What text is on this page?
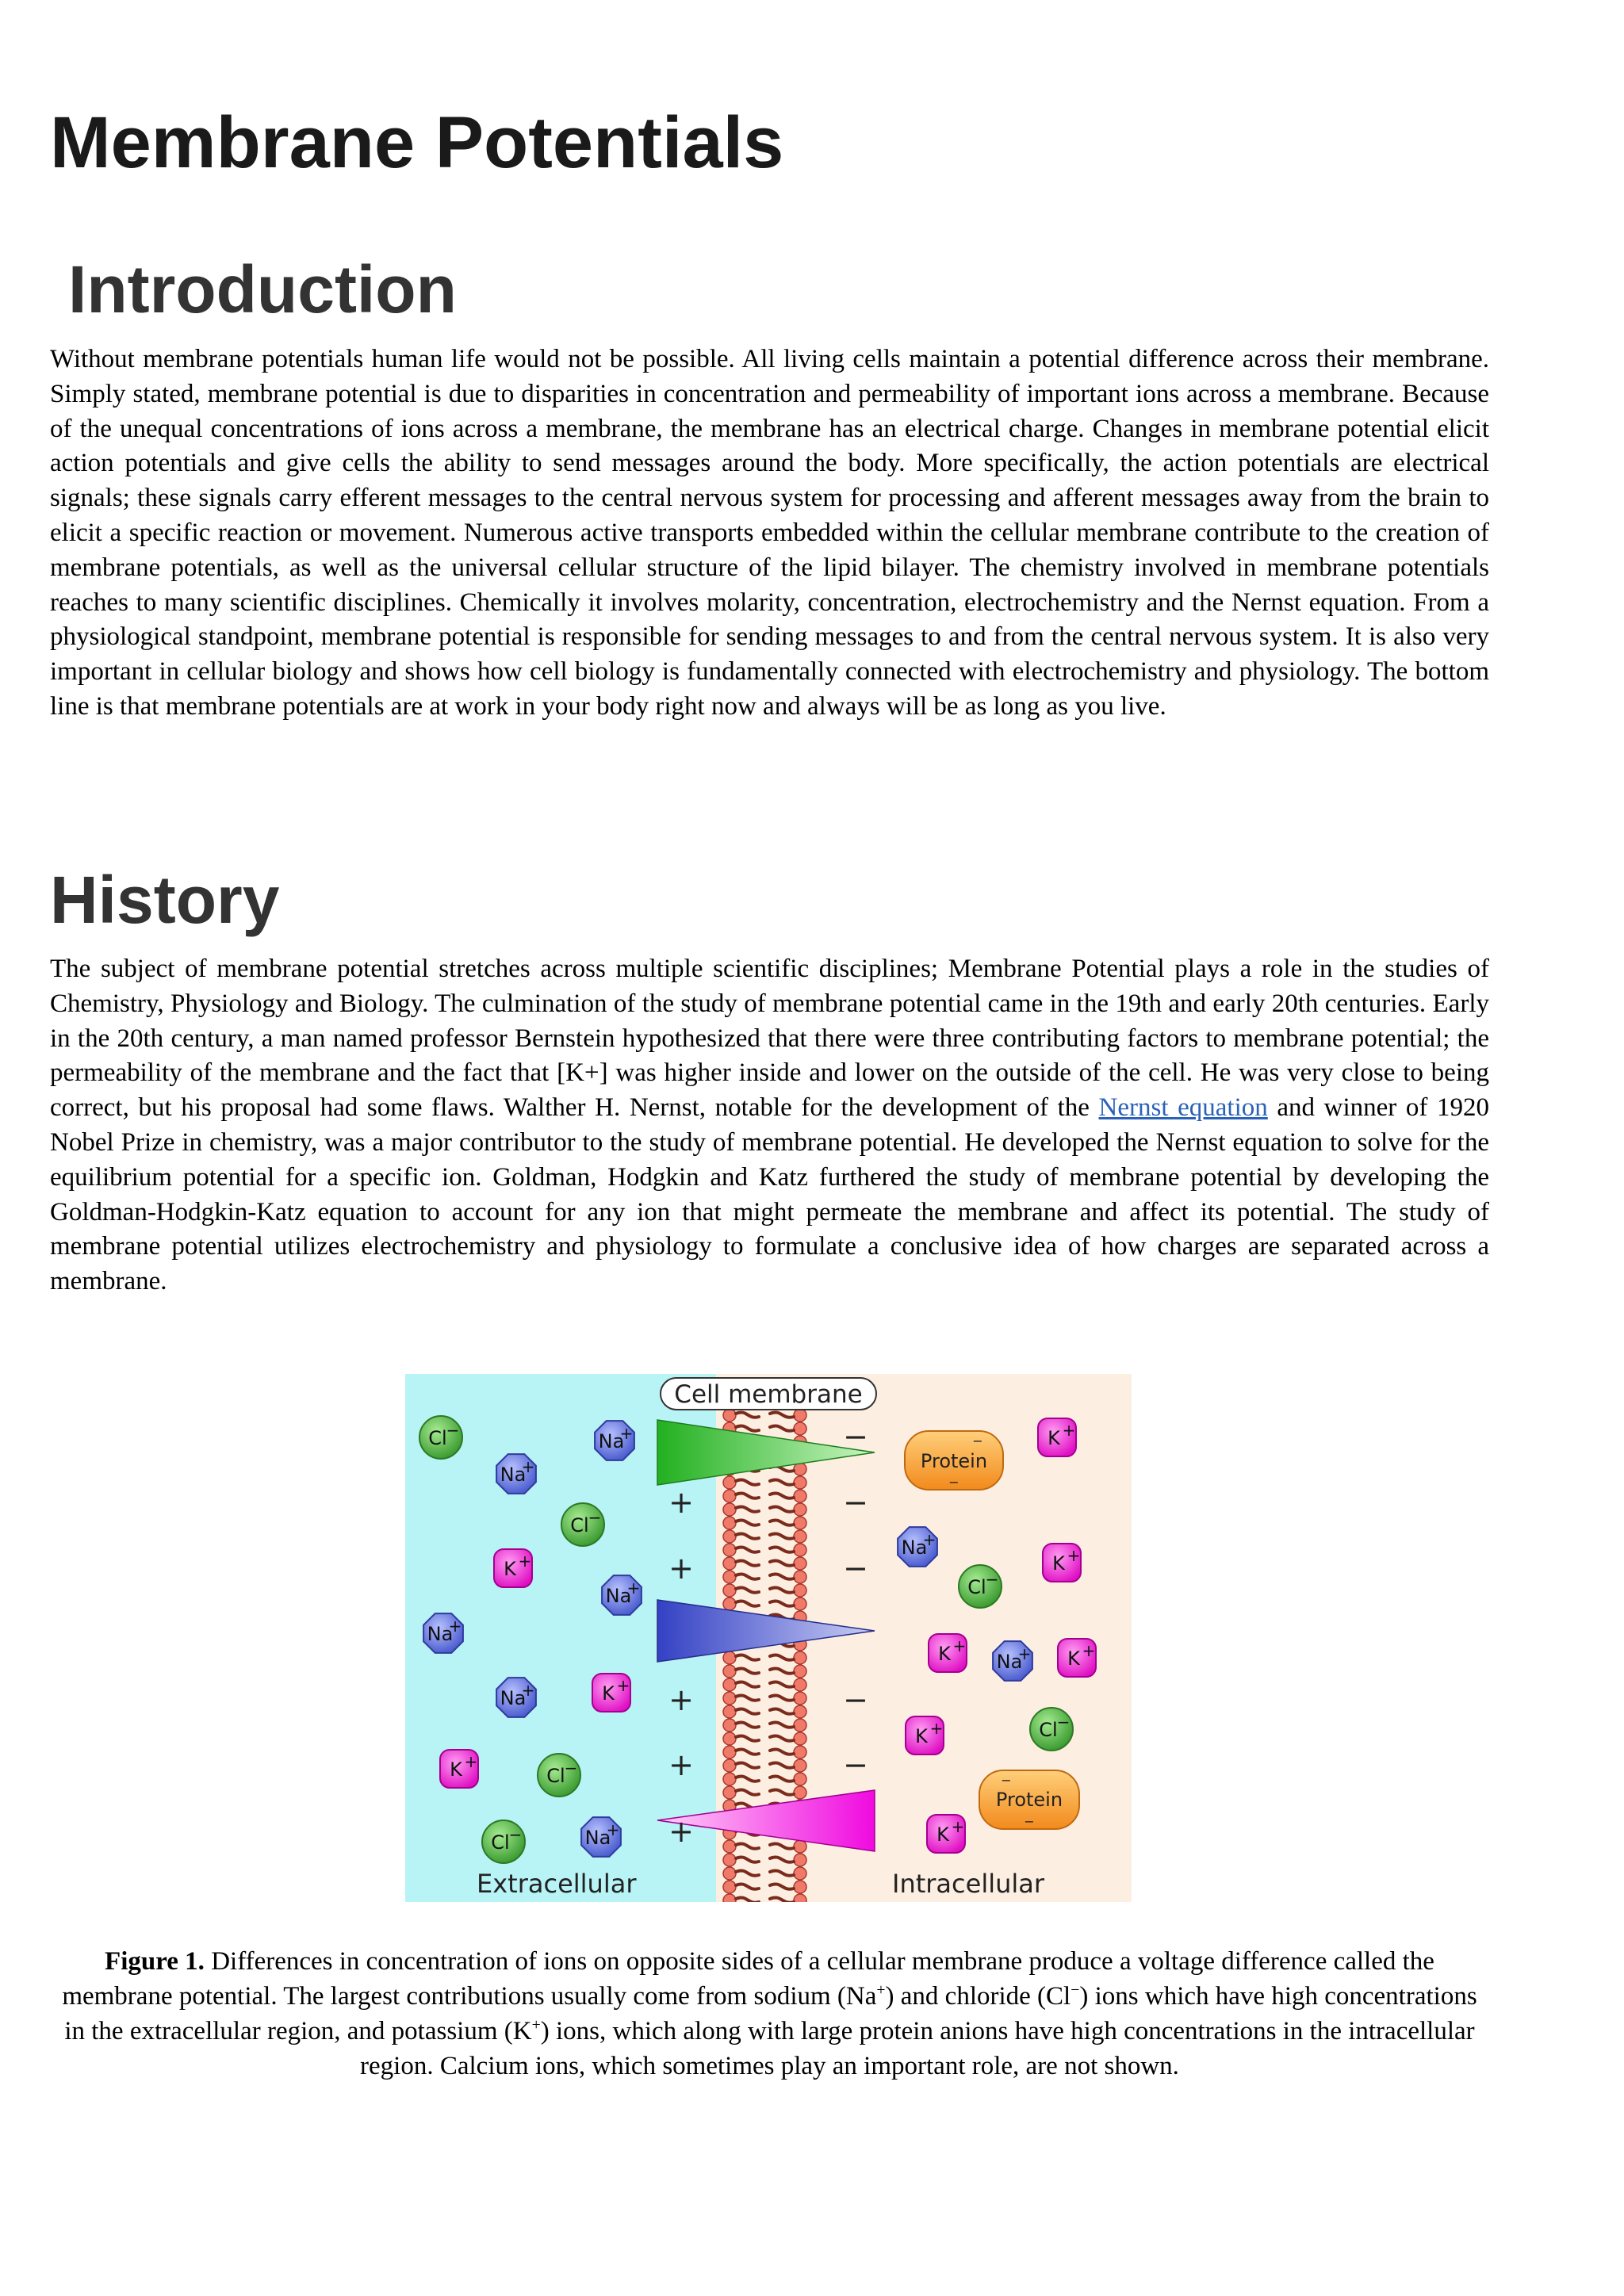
Membrane Potentials
Introduction

Without membrane potentials human life would not be possible. All living cells maintain a potential difference across their membrane. Simply stated, membrane potential is due to disparities in concentration and permeability of important ions across a membrane. Because of the unequal concentrations of ions across a membrane, the membrane has an electrical charge. Changes in membrane potential elicit action potentials and give cells the ability to send messages around the body. More specifically, the action potentials are electrical signals; these signals carry efferent messages to the central nervous system for processing and afferent messages away from the brain to elicit a specific reaction or movement. Numerous active transports embedded within the cellular membrane contribute to the creation of membrane potentials, as well as the universal cellular structure of the lipid bilayer. The chemistry involved in membrane potentials reaches to many scientific disciplines. Chemically it involves molarity, concentration, electrochemistry and the Nernst equation. From a physiological standpoint, membrane potential is responsible for sending messages to and from the central nervous system. It is also very important in cellular biology and shows how cell biology is fundamentally connected with electrochemistry and physiology. The bottom line is that membrane potentials are at work in your body right now and always will be as long as you live.

History

The subject of membrane potential stretches across multiple scientific disciplines; Membrane Potential plays a role in the studies of Chemistry, Physiology and Biology. The culmination of the study of membrane potential came in the 19th and early 20th centuries. Early in the 20th century, a man named professor Bernstein hypothesized that there were three contributing factors to membrane potential; the permeability of the membrane and the fact that [K+] was higher inside and lower on the outside of the cell. He was very close to being correct, but his proposal had some flaws. Walther H. Nernst, notable for the development of the Nernst equation and winner of 1920 Nobel Prize in chemistry, was a major contributor to the study of membrane potential. He developed the Nernst equation to solve for the equilibrium potential for a specific ion. Goldman, Hodgkin and Katz furthered the study of membrane potential by developing the Goldman-Hodgkin-Katz equation to account for any ion that might permeate the membrane and affect its potential. The study of membrane potential utilizes electrochemistry and physiology to formulate a conclusive idea of how charges are separated across a membrane.

Cell membrane
+
+
+
+
+
−
−
−
−
−
Cl
−
Na
+
Na
+
Cl
−
K +
Na
+
Na
+
Na
+	K +
K +
Cl
−
Cl
−	Na
+
K +
Na
+
K +
Cl
−
K +
Na
+ K +
Cl
−
K +
K +
Protein
−
−
Protein
−
−
Extracellular	Intracellular

Figure 1. Differences in concentration of ions on opposite sides of a cellular membrane produce a voltage difference called the membrane potential. The largest contributions usually come from sodium (Na+) and chloride (Cl−) ions which have high concentrations in the extracellular region, and potassium (K+) ions, which along with large protein anions have high concentrations in the intracellular region. Calcium ions, which sometimes play an important role, are not shown.
